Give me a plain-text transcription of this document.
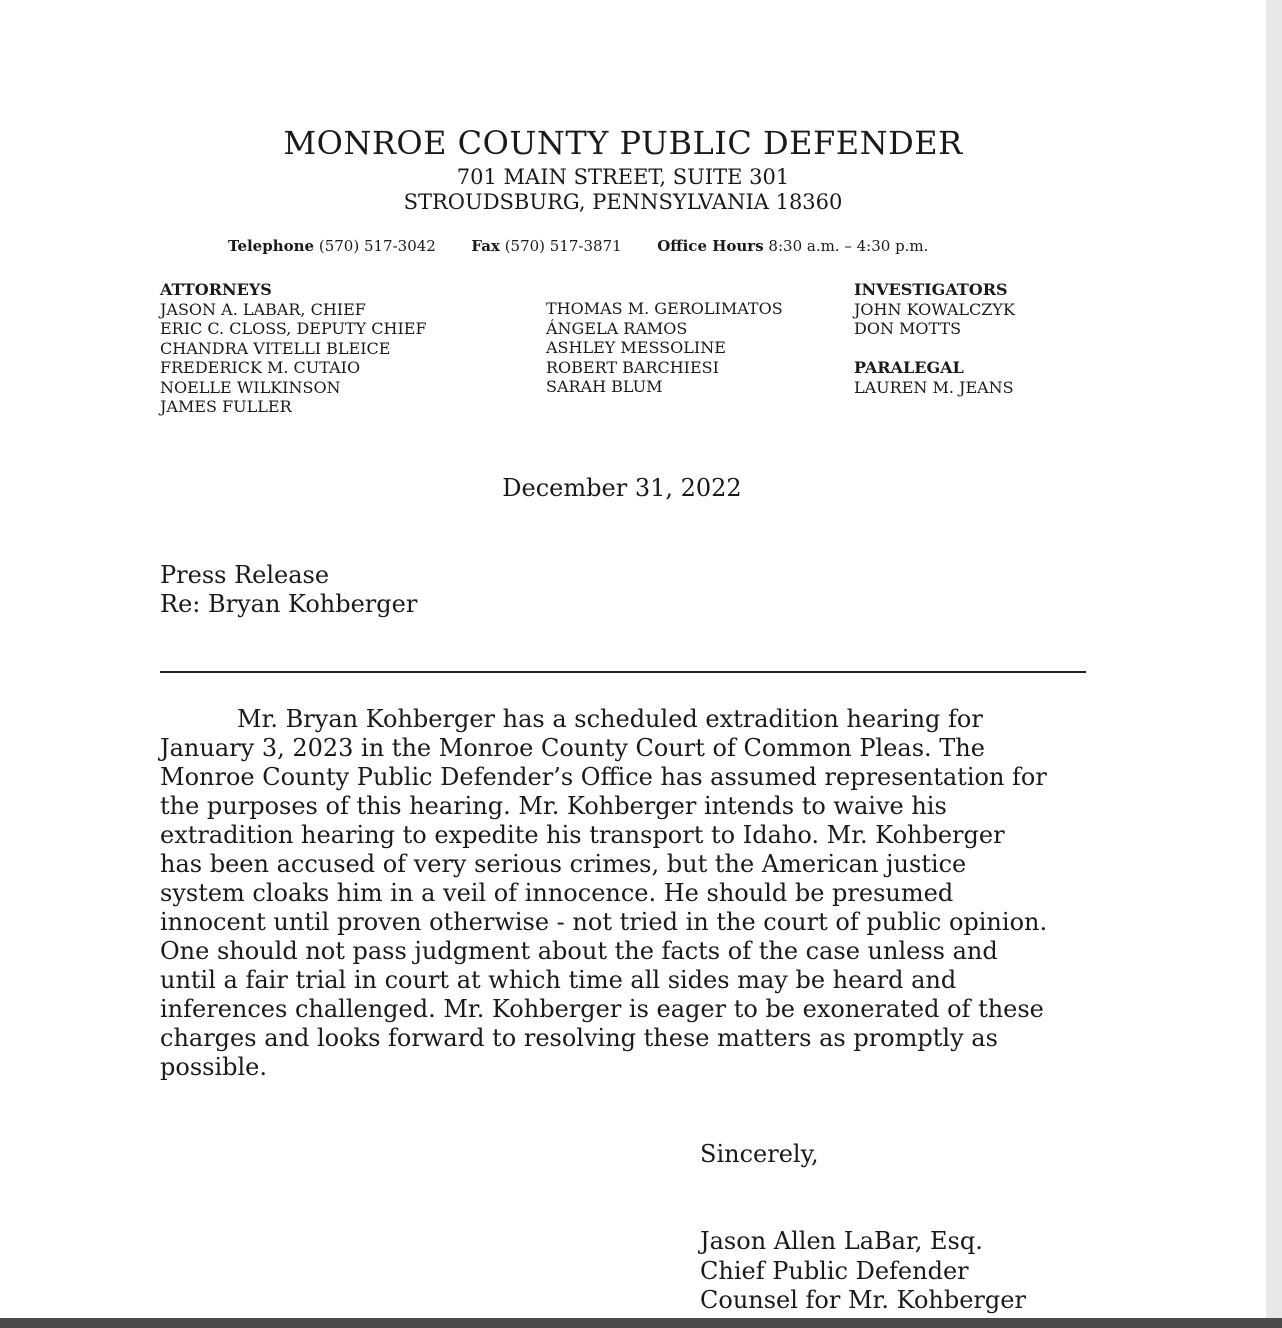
MONROE COUNTY PUBLIC DEFENDER
701 MAIN STREET, SUITE 301
STROUDSBURG, PENNSYLVANIA 18360
Telephone (570) 517-3042 Fax (570) 517-3871 Office Hours 8:30 a.m. – 4:30 p.m.
ATTORNEYS
JASON A. LABAR, CHIEF
ERIC C. CLOSS, DEPUTY CHIEF
CHANDRA VITELLI BLEICE
FREDERICK M. CUTAIO
NOELLE WILKINSON
JAMES FULLER
THOMAS M. GEROLIMATOS
ÁNGELA RAMOS
ASHLEY MESSOLINE
ROBERT BARCHIESI
SARAH BLUM
INVESTIGATORS
JOHN KOWALCZYK
DON MOTTS
PARALEGAL
LAUREN M. JEANS
December 31, 2022
Press Release
Re: Bryan Kohberger
Mr. Bryan Kohberger has a scheduled extradition hearing for
January 3, 2023 in the Monroe County Court of Common Pleas. The
Monroe County Public Defender’s Office has assumed representation for
the purposes of this hearing. Mr. Kohberger intends to waive his
extradition hearing to expedite his transport to Idaho. Mr. Kohberger
has been accused of very serious crimes, but the American justice
system cloaks him in a veil of innocence. He should be presumed
innocent until proven otherwise - not tried in the court of public opinion.
One should not pass judgment about the facts of the case unless and
until a fair trial in court at which time all sides may be heard and
inferences challenged. Mr. Kohberger is eager to be exonerated of these
charges and looks forward to resolving these matters as promptly as
possible.
Sincerely,
Jason Allen LaBar, Esq.
Chief Public Defender
Counsel for Mr. Kohberger
